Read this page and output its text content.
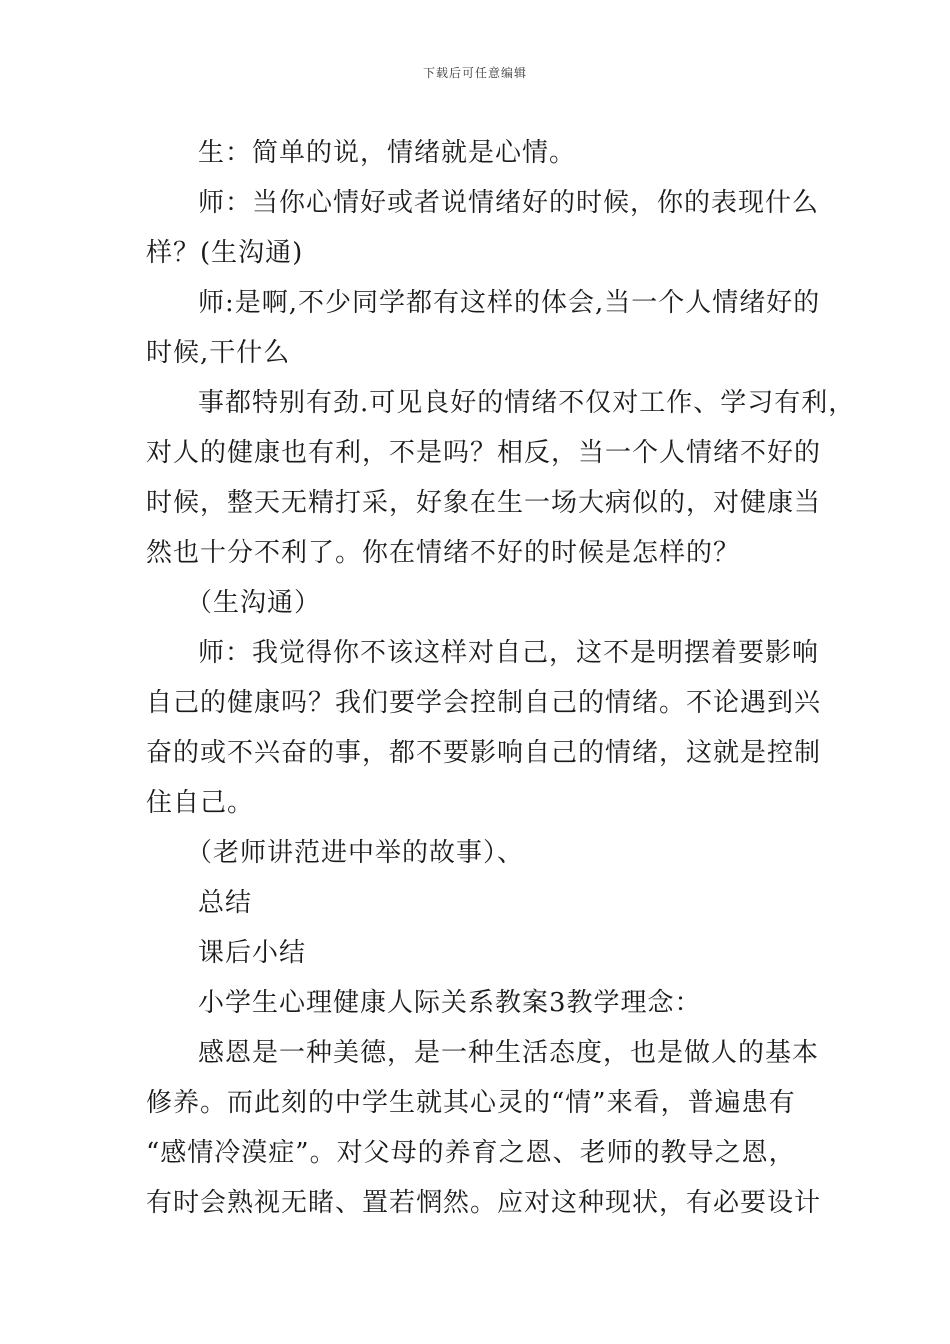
下载后可任意编辑
生：简单的说，情绪就是心情。
师：当你心情好或者说情绪好的时候，你的表现什么
样？(生沟通)
师:是啊,不少同学都有这样的体会,当一个人情绪好的
时候,干什么
事都特别有劲.可见良好的情绪不仅对工作、学习有利，
对人的健康也有利，不是吗？相反，当一个人情绪不好的
时候，整天无精打采，好象在生一场大病似的，对健康当
然也十分不利了。你在情绪不好的时候是怎样的？
（生沟通）
师：我觉得你不该这样对自己，这不是明摆着要影响
自己的健康吗？我们要学会控制自己的情绪。不论遇到兴
奋的或不兴奋的事，都不要影响自己的情绪，这就是控制
住自己。
（老师讲范进中举的故事）、
总结
课后小结
小学生心理健康人际关系教案3教学理念：
感恩是一种美德，是一种生活态度，也是做人的基本
修养。而此刻的中学生就其心灵的“情”来看，普遍患有
“感情冷漠症”。对父母的养育之恩、老师的教导之恩，
有时会熟视无睹、置若惘然。应对这种现状，有必要设计
